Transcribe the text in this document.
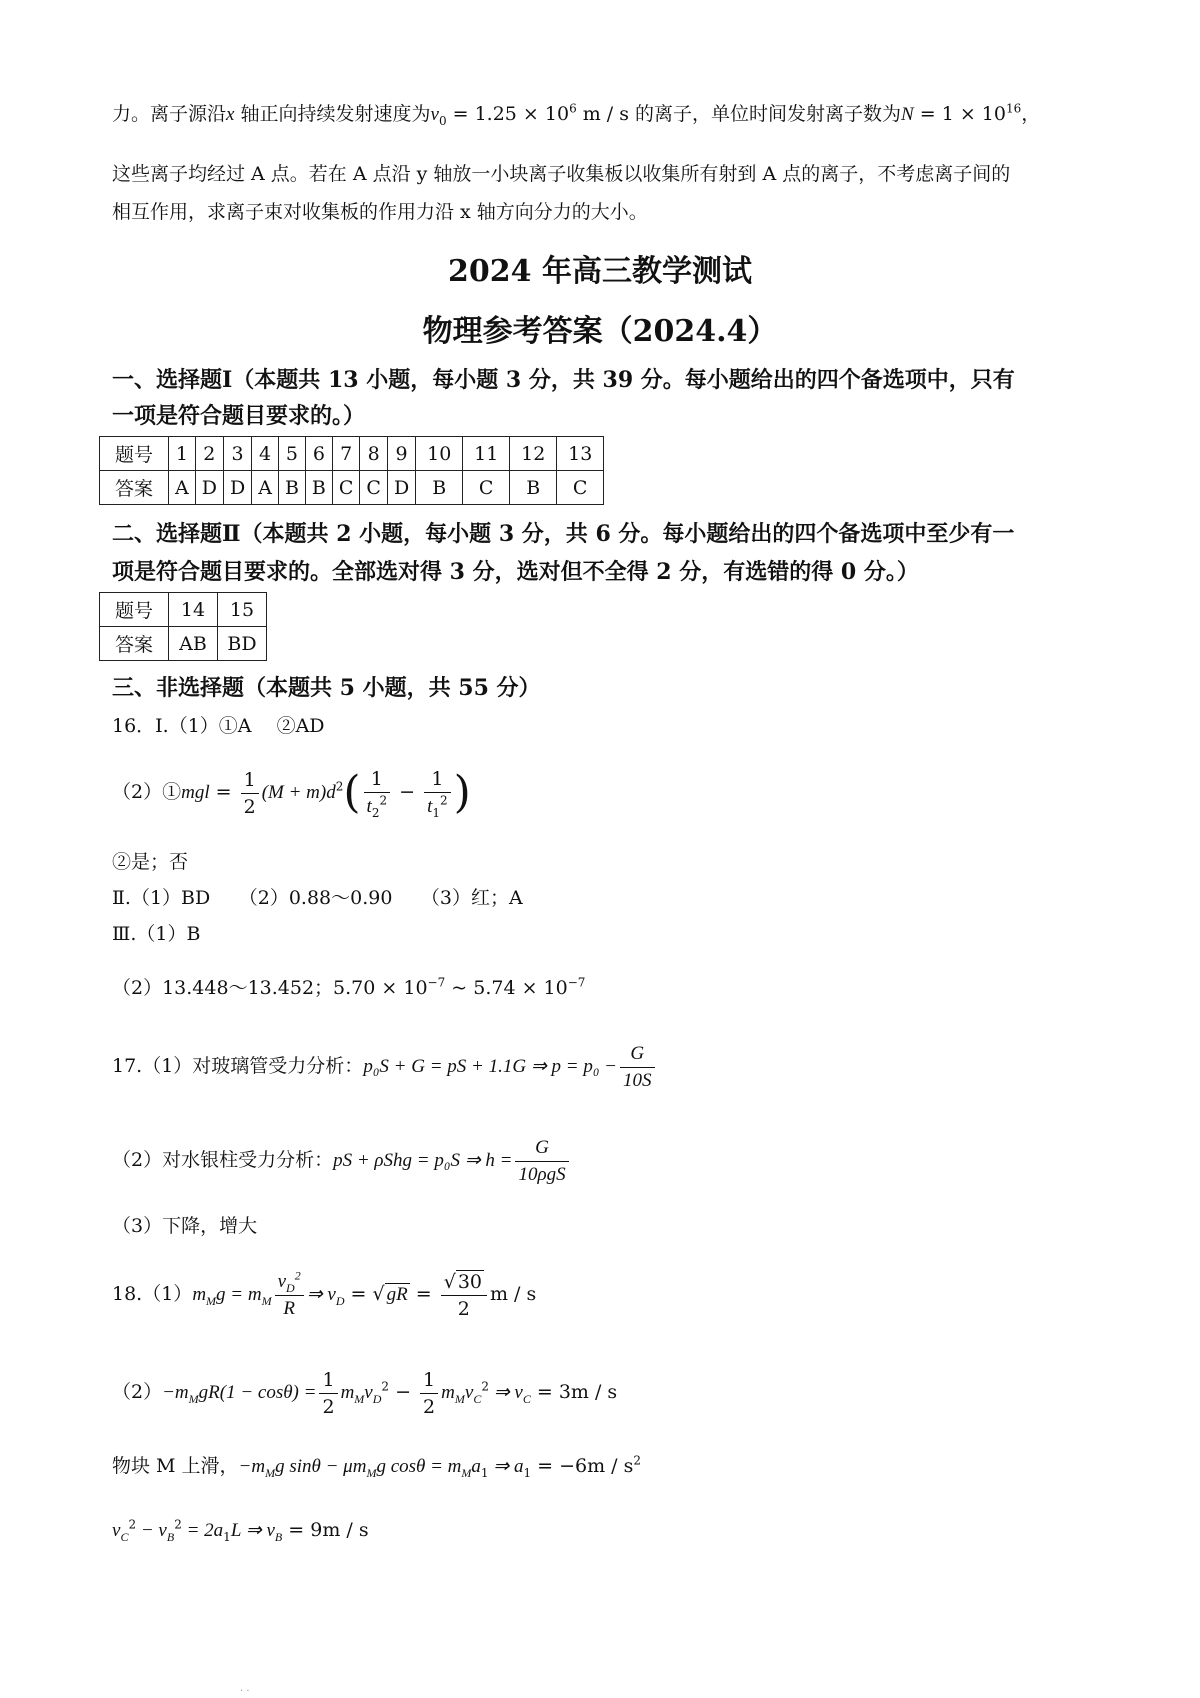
力。离子源沿x 轴正向持续发射速度为$v_0 = 1.25 \times 10^6$ m / s 的离子，单位时间发射离子数为$N = 1 \times 10^{16}$，
这些离子均经过 A 点。若在 A 点沿 y 轴放一小块离子收集板以收集所有射到 A 点的离子，不考虑离子间的
相互作用，求离子束对收集板的作用力沿 x 轴方向分力的大小。
2024 年高三教学测试
物理参考答案（2024.4）
一、选择题Ⅰ（本题共 13 小题，每小题 3 分，共 39 分。每小题给出的四个备选项中，只有
一项是符合题目要求的。）
题号	1	2	3	4	5	6	7	8	9	10	11	12	13
答案	A	D	D	A	B	B	C	C	D	B	C	B	C
二、选择题Ⅱ（本题共 2 小题，每小题 3 分，共 6 分。每小题给出的四个备选项中至少有一
项是符合题目要求的。全部选对得 3 分，选对但不全得 2 分，有选错的得 0 分。）
题号	14	15
答案	AB	BD
三、非选择题（本题共 5 小题，共 55 分）
16．Ⅰ.（1）①A　 ②AD
（2）①mgl = $\frac{1}{2} (M + m)d^2( \frac{1}{t_2^2} - \frac{1}{t_1^2}$ )
②是；否
Ⅱ.（1）BD　　（2）0.88～0.90　　（3）红；A
Ⅲ.（1）B
（2）13.448～13.452；$5.70 \times 10^{-7}$ ~ $5.74 \times 10^{-7}$
17.（1）对玻璃管受力分析：p₀S + G = pS + 1.1G ⇒ $p = p_0 - \frac{G}{10S}$
（2）对水银柱受力分析：pS + ρShg = p₀S ⇒ $h = \frac{G}{\text{10ρgS}}$
（3）下降，增大
$18.(1)m_Mg = m_M \frac{v_D^2}{R}$ ⇒ $v_D$ = √ gR = $\frac{√ 30}{2}$ m / s
$(2)-m_MgR(1 - \cos\theta) = \frac{1}{2} m_Mv_D^2 - \frac{1}{2} m_Mv_C^2$ ⇒ $v_C = 3m / s$
物块 M 上滑，$-m_Mg$ $\sin\theta - \mu m_Mg$ $\cos\theta = m_Ma_1$ ⇒ $a_1 = -6m / s^2$
$v_C^2 - v_B^2 = 2a_1L$ ⇒ $v_B = 9m / s$
· ·
